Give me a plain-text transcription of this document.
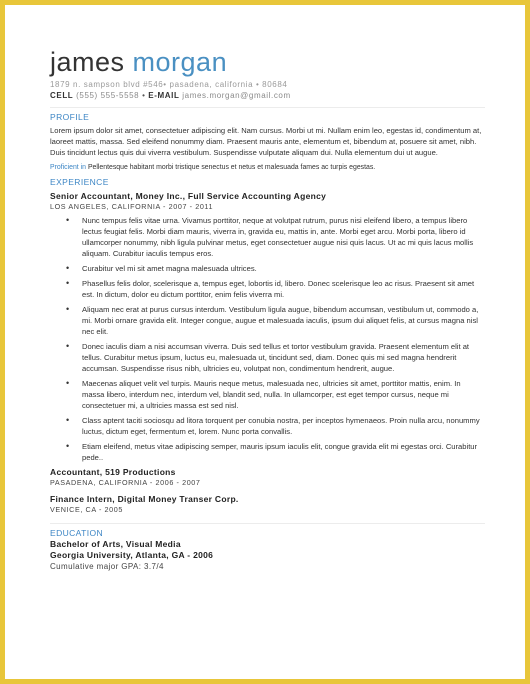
james morgan
1879 n. sampson blvd #546• pasadena, california • 80684
CELL (555) 555-5558 • E-MAIL james.morgan@gmail.com
PROFILE
Lorem ipsum dolor sit amet, consectetuer adipiscing elit. Nam cursus. Morbi ut mi. Nullam enim leo, egestas id, condimentum at, laoreet mattis, massa. Sed eleifend nonummy diam. Praesent mauris ante, elementum et, bibendum at, posuere sit amet, nibh. Duis tincidunt lectus quis dui viverra vestibulum. Suspendisse vulputate aliquam dui. Nulla elementum dui ut augue.
Proficient in Pellentesque habitant morbi tristique senectus et netus et malesuada fames ac turpis egestas.
EXPERIENCE
Senior Accountant, Money Inc., Full Service Accounting Agency
LOS ANGELES, CALIFORNIA - 2007 - 2011
• Nunc tempus felis vitae urna. Vivamus porttitor, neque at volutpat rutrum, purus nisi eleifend libero, a tempus libero lectus feugiat felis. Morbi diam mauris, viverra in, gravida eu, mattis in, ante. Morbi eget arcu. Morbi porta, libero id ullamcorper nonummy, nibh ligula pulvinar metus, eget consectetuer augue nisi quis lacus. Ut ac mi quis lacus mollis aliquam. Curabitur iaculis tempus eros.
• Curabitur vel mi sit amet magna malesuada ultrices.
• Phasellus felis dolor, scelerisque a, tempus eget, lobortis id, libero. Donec scelerisque leo ac risus. Praesent sit amet est. In dictum, dolor eu dictum porttitor, enim felis viverra mi.
• Aliquam nec erat at purus cursus interdum. Vestibulum ligula augue, bibendum accumsan, vestibulum ut, commodo a, mi. Morbi ornare gravida elit. Integer congue, augue et malesuada iaculis, ipsum dui aliquet felis, at cursus magna nisl nec elit.
• Donec iaculis diam a nisi accumsan viverra. Duis sed tellus et tortor vestibulum gravida. Praesent elementum elit at tellus. Curabitur metus ipsum, luctus eu, malesuada ut, tincidunt sed, diam. Donec quis mi sed magna hendrerit accumsan. Suspendisse risus nibh, ultricies eu, volutpat non, condimentum hendrerit, augue.
• Maecenas aliquet velit vel turpis. Mauris neque metus, malesuada nec, ultricies sit amet, porttitor mattis, enim. In massa libero, interdum nec, interdum vel, blandit sed, nulla. In ullamcorper, est eget tempor cursus, neque mi consectetuer mi, a ultricies massa est sed nisl.
• Class aptent taciti sociosqu ad litora torquent per conubia nostra, per inceptos hymenaeos. Proin nulla arcu, nonummy luctus, dictum eget, fermentum et, lorem. Nunc porta convallis.
• Etiam eleifend, metus vitae adipiscing semper, mauris ipsum iaculis elit, congue gravida elit mi egestas orci. Curabitur pede..
Accountant, 519 Productions
PASADENA, CALIFORNIA - 2006 - 2007
Finance Intern, Digital Money Transer Corp.
VENICE, CA - 2005
EDUCATION
Bachelor of Arts, Visual Media
Georgia University, Atlanta, GA - 2006
Cumulative major GPA: 3.7/4
